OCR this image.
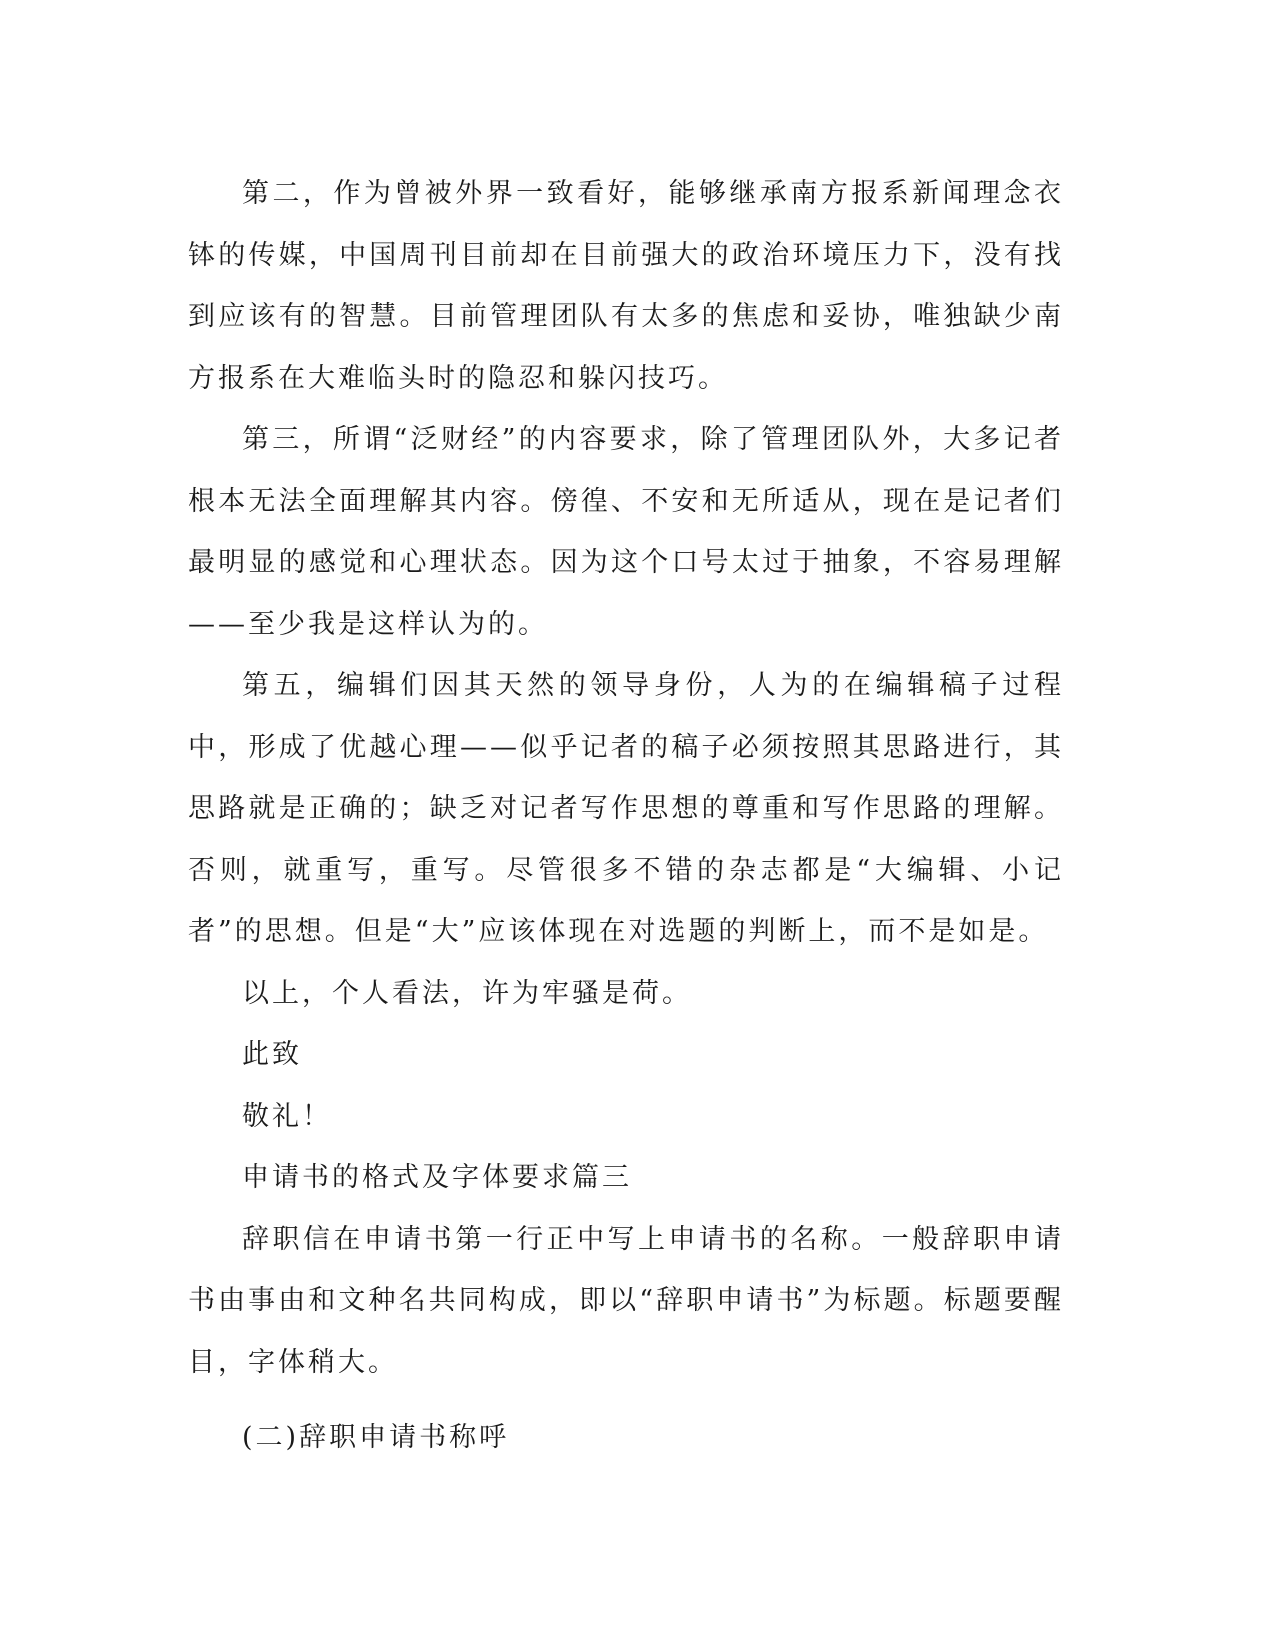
第二，作为曾被外界一致看好，能够继承南方报系新闻理念衣钵的传媒，中国周刊目前却在目前强大的政治环境压力下，没有找到应该有的智慧。目前管理团队有太多的焦虑和妥协，唯独缺少南方报系在大难临头时的隐忍和躲闪技巧。

第三，所谓“泛财经”的内容要求，除了管理团队外，大多记者根本无法全面理解其内容。傍徨、不安和无所适从，现在是记者们最明显的感觉和心理状态。因为这个口号太过于抽象，不容易理解——至少我是这样认为的。

第五，编辑们因其天然的领导身份，人为的在编辑稿子过程中，形成了优越心理——似乎记者的稿子必须按照其思路进行，其思路就是正确的；缺乏对记者写作思想的尊重和写作思路的理解。否则，就重写，重写。尽管很多不错的杂志都是“大编辑、小记者”的思想。但是“大”应该体现在对选题的判断上，而不是如是。

以上，个人看法，许为牢骚是荷。

此致

敬礼！

申请书的格式及字体要求篇三

辞职信在申请书第一行正中写上申请书的名称。一般辞职申请书由事由和文种名共同构成，即以“辞职申请书”为标题。标题要醒目，字体稍大。

(二)辞职申请书称呼
